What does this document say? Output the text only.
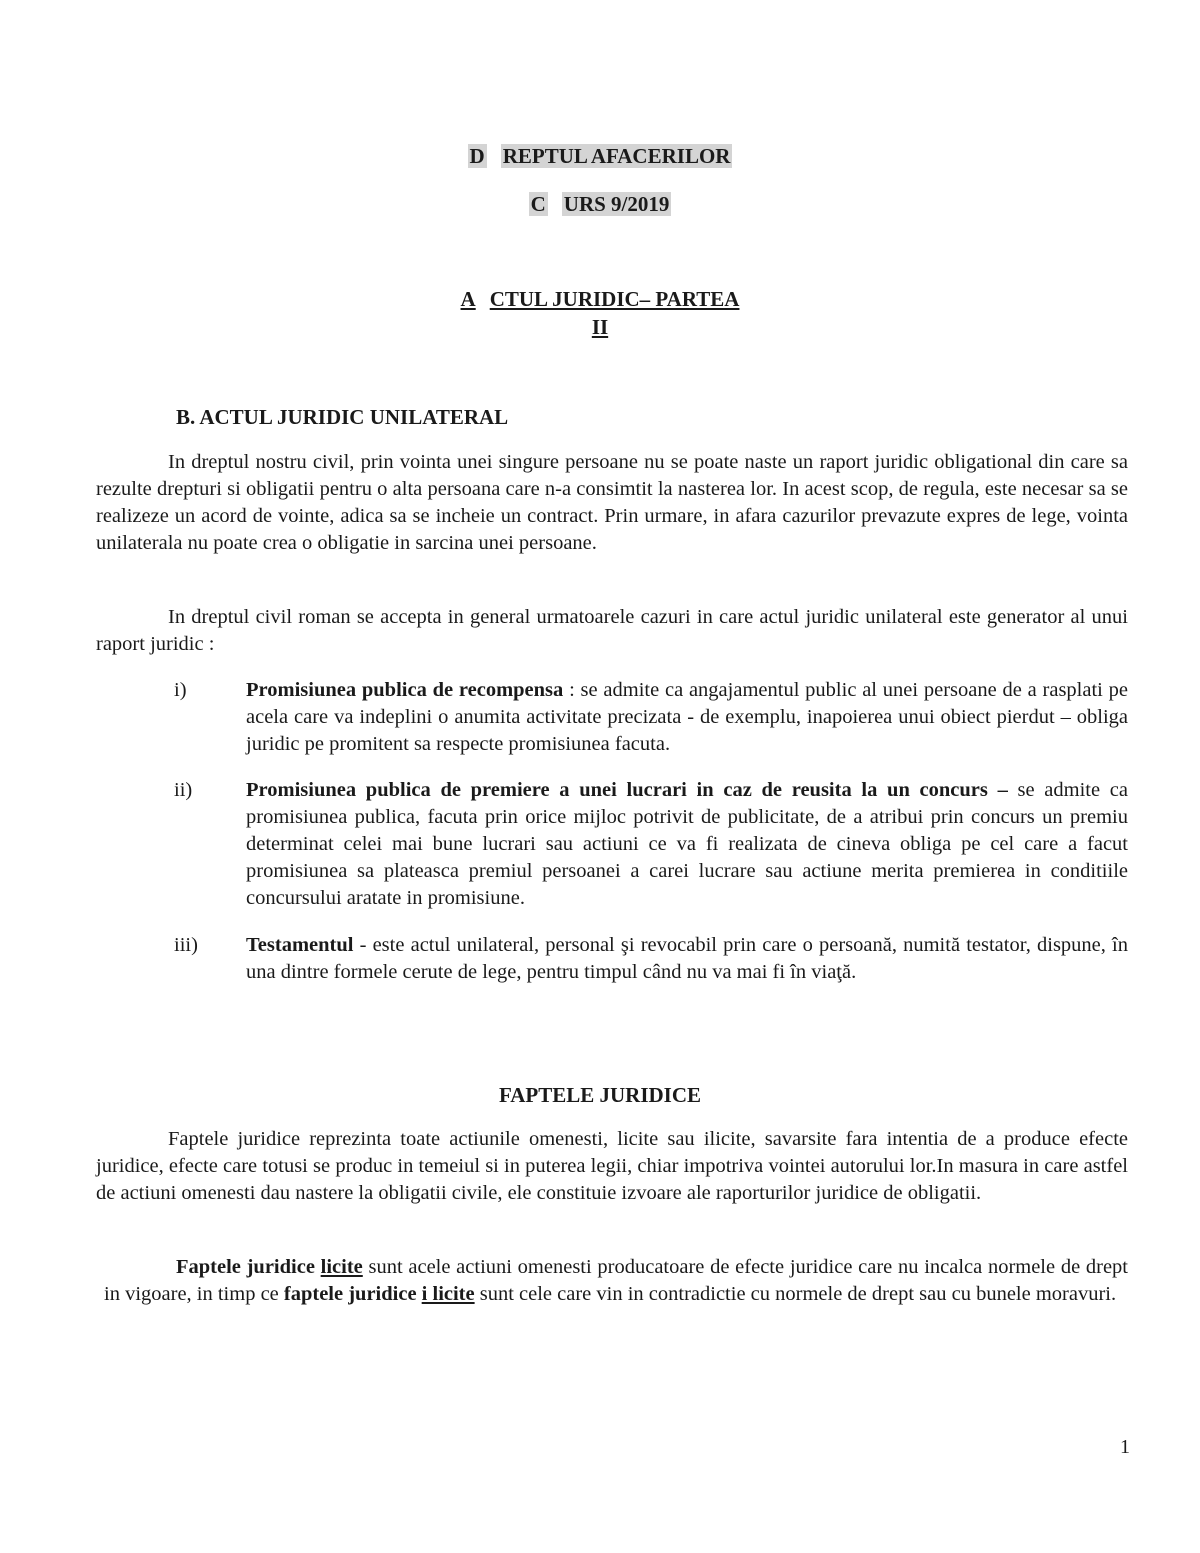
D REPTUL AFACERILOR
C URS 9/2019
A CTUL JURIDIC– PARTEA
II
B. ACTUL JURIDIC UNILATERAL

In dreptul nostru civil, prin vointa unei singure persoane nu se poate naste un raport juridic obligational din care sa rezulte drepturi si obligatii pentru o alta persoana care n-a consimtit la nasterea lor. In acest scop, de regula, este necesar sa se realizeze un acord de vointe, adica sa se incheie un contract. Prin urmare, in afara cazurilor prevazute expres de lege, vointa unilaterala nu poate crea o obligatie in sarcina unei persoane.

In dreptul civil roman se accepta in general urmatoarele cazuri in care actul juridic unilateral este generator al unui raport juridic :

i)	Promisiunea publica de recompensa : se admite ca angajamentul public al unei persoane de a rasplati pe acela care va indeplini o anumita activitate precizata - de exemplu, inapoierea unui obiect pierdut – obliga juridic pe promitent sa respecte promisiunea facuta.
ii)	Promisiunea publica de premiere a unei lucrari in caz de reusita la un concurs – se admite ca promisiunea publica, facuta prin orice mijloc potrivit de publicitate, de a atribui prin concurs un premiu determinat celei mai bune lucrari sau actiuni ce va fi realizata de cineva obliga pe cel care a facut promisiunea sa plateasca premiul persoanei a carei lucrare sau actiune merita premierea in conditiile concursului aratate in promisiune.
iii) Testamentul - este actul unilateral, personal şi revocabil prin care o persoană, numită testator, dispune, în una dintre formele cerute de lege, pentru timpul când nu va mai fi în viaţă.
FAPTELE JURIDICE

Faptele juridice reprezinta toate actiunile omenesti, licite sau ilicite, savarsite fara intentia de a produce efecte juridice, efecte care totusi se produc in temeiul si in puterea legii, chiar impotriva vointei autorului lor.In masura in care astfel de actiuni omenesti dau nastere la obligatii civile, ele constituie izvoare ale raporturilor juridice de obligatii.

Faptele juridice licite sunt acele actiuni omenesti producatoare de efecte juridice care nu incalca normele de drept in vigoare, in timp ce faptele juridice i licite sunt cele care vin in contradictie cu normele de drept sau cu bunele moravuri.

1
